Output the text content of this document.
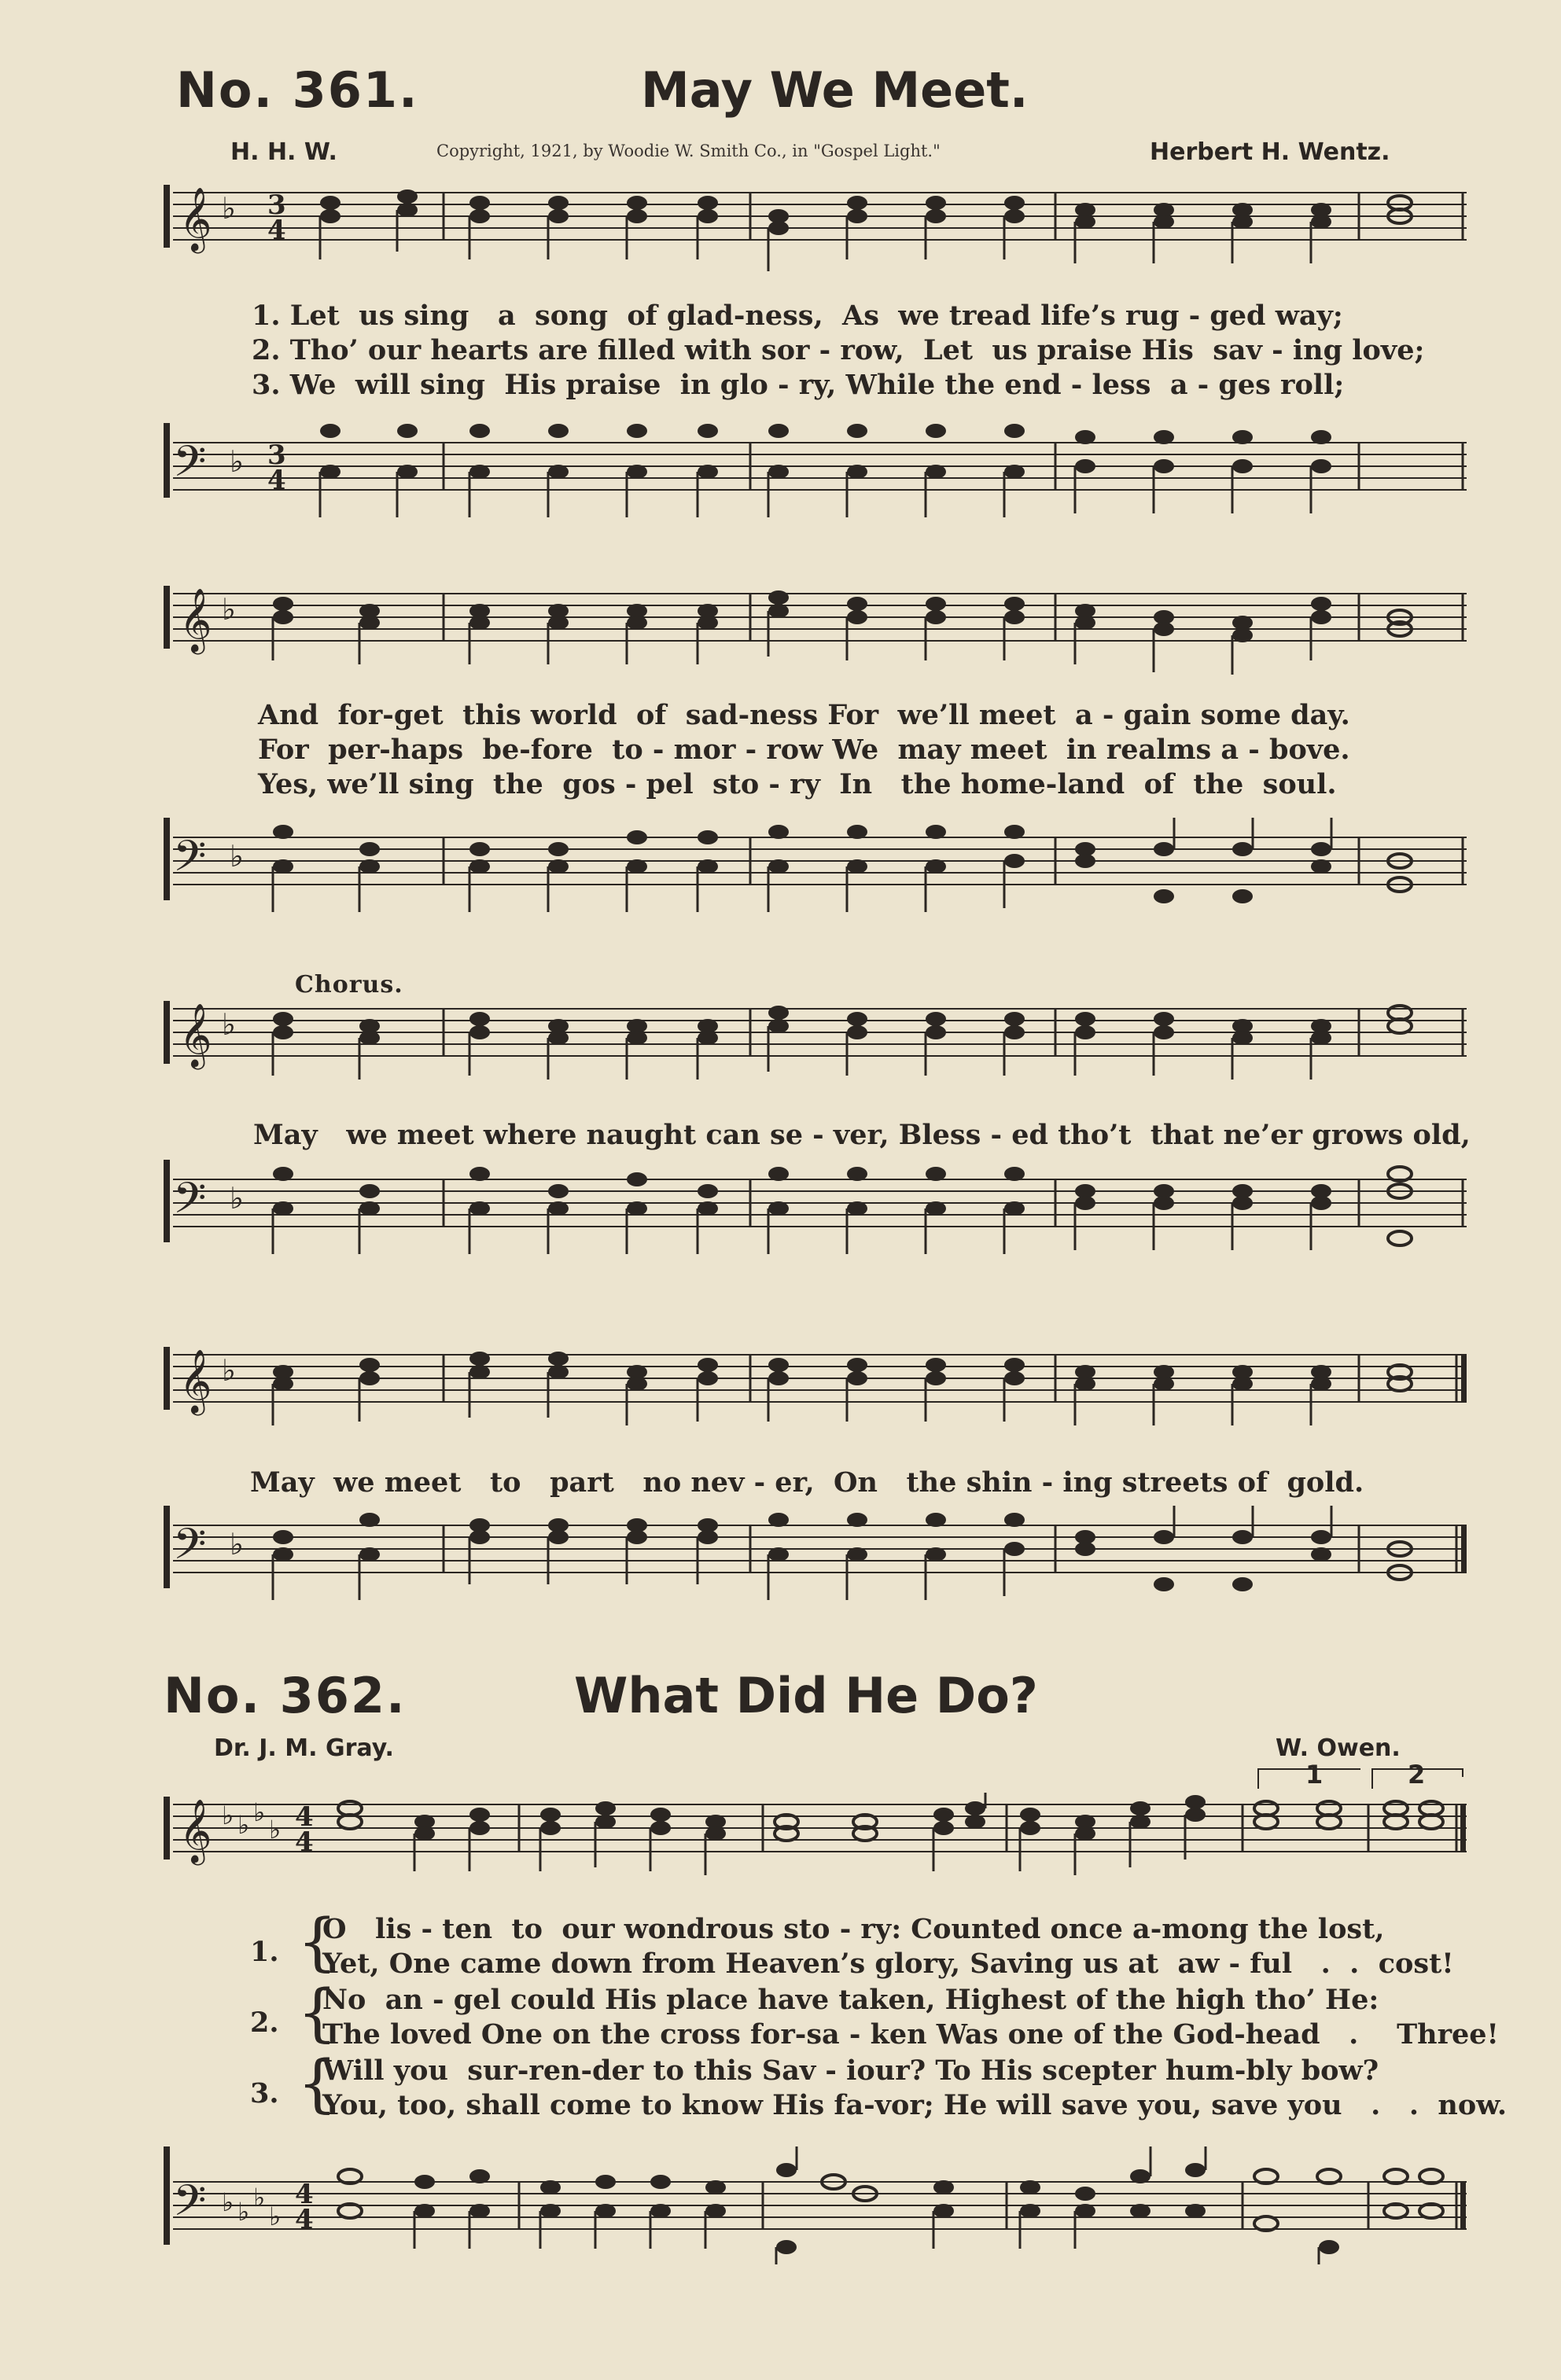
No. 361.	May We Meet.
H. H. W.	Copyright, 1921, by Woodie W. Smith Co., in "Gospel Light."	Herbert H. Wentz.
𝄞 ♭ 3
4
1. Let  us sing   a  song  of glad-ness,  As  we tread life’s rug - ged way;
2. Tho’ our hearts are filled with sor - row,  Let  us praise His  sav - ing love;
3. We  will sing  His praise  in glo - ry, While the end - less  a - ges roll;
𝄢 ♭ 3
4
𝄞 ♭
And  for-get  this world  of  sad-ness For  we’ll meet  a - gain some day.
For  per-haps  be-fore  to - mor - row We  may meet  in realms a - bove.
Yes, we’ll sing  the  gos - pel  sto - ry  In   the home-land  of  the  soul.
𝄢 ♭
Chorus.
𝄞 ♭
May   we meet where naught can se - ver, Bless - ed tho’t  that ne’er grows old,
𝄢 ♭
𝄞 ♭
May  we meet   to   part   no nev - er,  On   the shin - ing streets of  gold.
𝄢 ♭
No. 362.	What Did He Do?
Dr. J. M. Gray.	W. Owen.
1	2
𝄞 ♭ ♭ ♭
♭ 4
4
1. {
O   lis - ten  to  our wondrous sto - ry: Counted once a-mong the lost,
Yet, One came down from Heaven’s glory, Saving us at  aw - ful   .  .  cost!
2. {
No  an - gel could His place have taken, Highest of the high tho’ He:
The loved One on the cross for-sa - ken Was one of the God-head   .    Three!
3. {
Will you  sur-ren-der to this Sav - iour? To His scepter hum-bly bow?
You, too, shall come to know His fa-vor; He will save you, save you   .   .  now.
𝄢 ♭ ♭ ♭
♭
4
4
